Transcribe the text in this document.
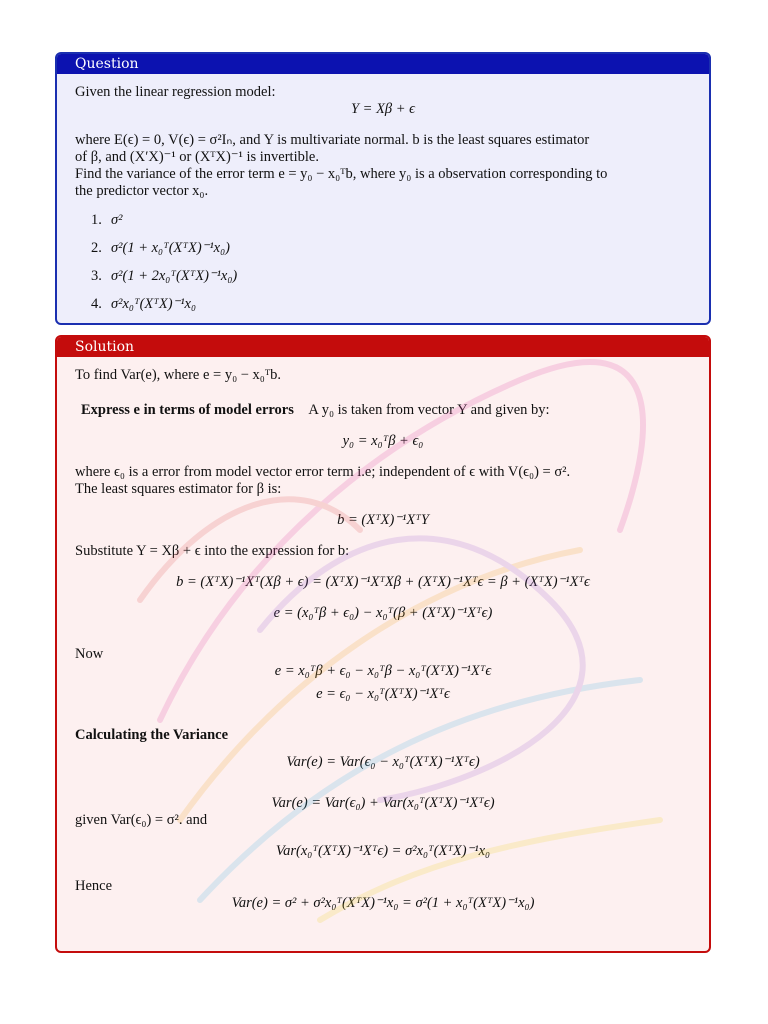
Question

Given the linear regression model:

Y = Xβ + ϵ

where E(ϵ) = 0, V(ϵ) = σ²Iₙ, and Y is multivariate normal. b is the least squares estimator

of β, and (X′X)⁻¹ or (XᵀX)⁻¹ is invertible.

Find the variance of the error term e = y₀ − x₀ᵀb, where y₀ is a observation corresponding to

the predictor vector x₀.

1. σ²
2. σ²(1 + x₀ᵀ(XᵀX)⁻¹x₀)
3. σ²(1 + 2x₀ᵀ(XᵀX)⁻¹x₀)
4. σ²x₀ᵀ(XᵀX)⁻¹x₀
Solution

To find Var(e), where e = y₀ − x₀ᵀb.

Express e in terms of model errors A y₀ is taken from vector Y and given by:

y₀ = x₀ᵀβ + ϵ₀

where ϵ₀ is a error from model vector error term i.e; independent of ϵ with V(ϵ₀) = σ².

The least squares estimator for β is:

b = (XᵀX)⁻¹XᵀY

Substitute Y = Xβ + ϵ into the expression for b:

b = (XᵀX)⁻¹Xᵀ(Xβ + ϵ) = (XᵀX)⁻¹XᵀXβ + (XᵀX)⁻¹Xᵀϵ = β + (XᵀX)⁻¹Xᵀϵ

e = (x₀ᵀβ + ϵ₀) − x₀ᵀ(β + (XᵀX)⁻¹Xᵀϵ)

Now

e = x₀ᵀβ + ϵ₀ − x₀ᵀβ − x₀ᵀ(XᵀX)⁻¹Xᵀϵ

e = ϵ₀ − x₀ᵀ(XᵀX)⁻¹Xᵀϵ

Calculating the Variance

Var(e) = Var(ϵ₀ − x₀ᵀ(XᵀX)⁻¹Xᵀϵ)

Var(e) = Var(ϵ₀) + Var(x₀ᵀ(XᵀX)⁻¹Xᵀϵ)

given Var(ϵ₀) = σ². and

Var(x₀ᵀ(XᵀX)⁻¹Xᵀϵ) = σ²x₀ᵀ(XᵀX)⁻¹x₀

Hence

Var(e) = σ² + σ²x₀ᵀ(XᵀX)⁻¹x₀ = σ²(1 + x₀ᵀ(XᵀX)⁻¹x₀)
